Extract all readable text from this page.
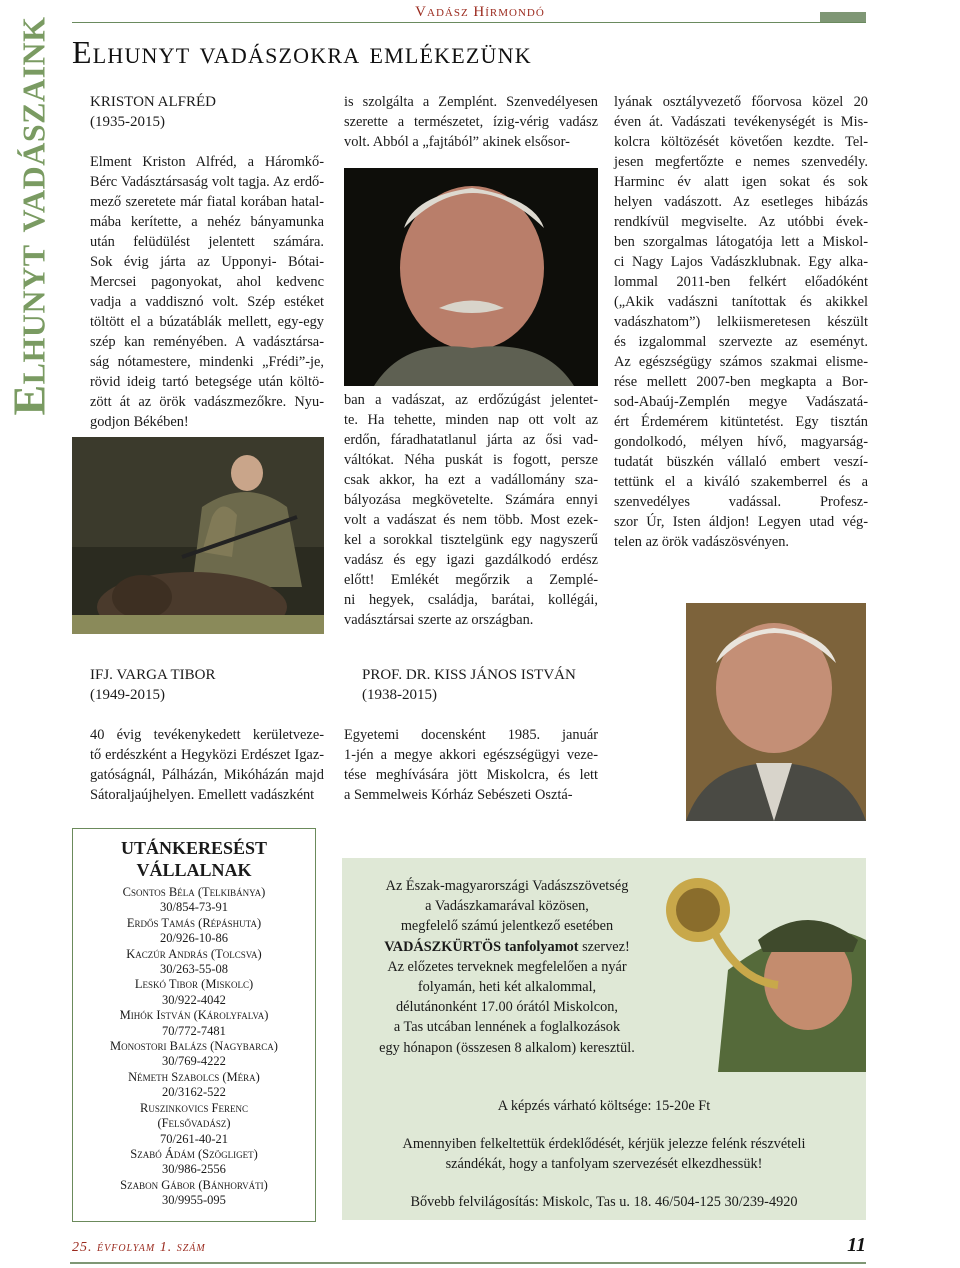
Vadász Hírmondó
Elhunyt vadászaink Elhunyt vadászokra emlékezünk
KRISTON ALFRÉD
(1935-2015)
Elment Kriston Alfréd, a Háromkő-
Bérc Vadásztársaság volt tagja. Az erdő-
mező szeretete már fiatal korában hatal-
mába kerítette, a nehéz bányamunka
után felüdülést jelentett számára.
Sok évig járta az Upponyi- Bótai-
Mercsei pagonyokat, ahol kedvenc
vadja a vaddisznó volt. Szép estéket
töltött el a búzatáblák mellett, egy-egy
szép kan reményében. A vadásztársa-
ság nótamestere, mindenki „Frédi”-je,
rövid ideig tartó betegsége után költö-
zött át az örök vadászmezőkre. Nyu-
godjon Békében!
IFJ. VARGA TIBOR
(1949-2015)
40 évig tevékenykedett kerületveze-
tő erdészként a Hegyközi Erdészet Igaz-
gatóságnál, Pálházán, Mikóházán majd
Sátoraljaújhelyen. Emellett vadászként
is szolgálta a Zemplént. Szenvedélyesen
szerette a természetet, ízig-vérig vadász
volt. Abból a „fajtából” akinek elsősor-
ban a vadászat, az erdőzúgást jelentet-
te. Ha tehette, minden nap ott volt az
erdőn, fáradhatatlanul járta az ősi vad-
váltókat. Néha puskát is fogott, persze
csak akkor, ha ezt a vadállomány sza-
bályozása megkövetelte. Számára ennyi
volt a vadászat és nem több. Most ezek-
kel a sorokkal tisztelgünk egy nagyszerű
vadász és egy igazi gazdálkodó erdész
előtt! Emlékét megőrzik a Zemplé-
ni hegyek, családja, barátai, kollégái,
vadásztársai szerte az országban.
PROF. DR. KISS JÁNOS ISTVÁN
(1938-2015)
Egyetemi docensként 1985. január
1-jén a megye akkori egészségügyi veze-
tése meghívására jött Miskolcra, és lett
a Semmelweis Kórház Sebészeti Osztá-
lyának osztályvezető főorvosa közel 20
éven át. Vadászati tevékenységét is Mis-
kolcra költözését követően kezdte. Tel-
jesen megfertőzte e nemes szenvedély.
Harminc év alatt igen sokat és sok
helyen vadászott. Az esetleges hibázás
rendkívül megviselte. Az utóbbi évek-
ben szorgalmas látogatója lett a Miskol-
ci Nagy Lajos Vadászklubnak. Egy alka-
lommal 2011-ben felkért előadóként
(„Akik vadászni tanítottak és akikkel
vadászhatom”) lelkiismeretesen készült
és izgalommal szervezte az eseményt.
Az egészségügy számos szakmai elisme-
rése mellett 2007-ben megkapta a Bor-
sod-Abaúj-Zemplén megye Vadászatá-
ért Érdemérem kitüntetést. Egy tisztán
gondolkodó, mélyen hívő, magyarság-
tudatát büszkén vállaló embert veszí-
tettünk el a kiváló szakemberrel és a
szenvedélyes vadással. Profesz-
szor Úr, Isten áldjon! Legyen utad vég-
telen az örök vadászösvényen.
UTÁNKERESÉST
VÁLLALNAK
Csontos Béla (Telkibánya)
30/854-73-91
Erdős Tamás (Répáshuta)
20/926-10-86
Kaczúr András (Tolcsva)
30/263-55-08
Leskó Tibor (Miskolc)
30/922-4042
Mihók István (Károlyfalva)
70/772-7481
Monostori Balázs (Nagybarca)
30/769-4222
Németh Szabolcs (Méra)
20/3162-522
Ruszinkovics Ferenc
(Felsővadász)
70/261-40-21
Szabó Ádám (Szögliget)
30/986-2556
Szabon Gábor (Bánhorváti)
30/9955-095
Az Észak-magyarországi Vadászszövetség
a Vadászkamarával közösen,
megfelelő számú jelentkező esetében
VADÁSZKÜRTÖS tanfolyamot szervez!
Az előzetes terveknek megfelelően a nyár
folyamán, heti két alkalommal,
délutánonként 17.00 órától Miskolcon,
a Tas utcában lennének a foglalkozások
egy hónapon (összesen 8 alkalom) keresztül.
A képzés várható költsége: 15-20e Ft
Amennyiben felkeltettük érdeklődését, kérjük jelezze felénk részvételi
szándékát, hogy a tanfolyam szervezését elkezdhessük!
Bővebb felvilágosítás: Miskolc, Tas u. 18. 46/504-125 30/239-4920
25. évfolyam 1. szám	11
